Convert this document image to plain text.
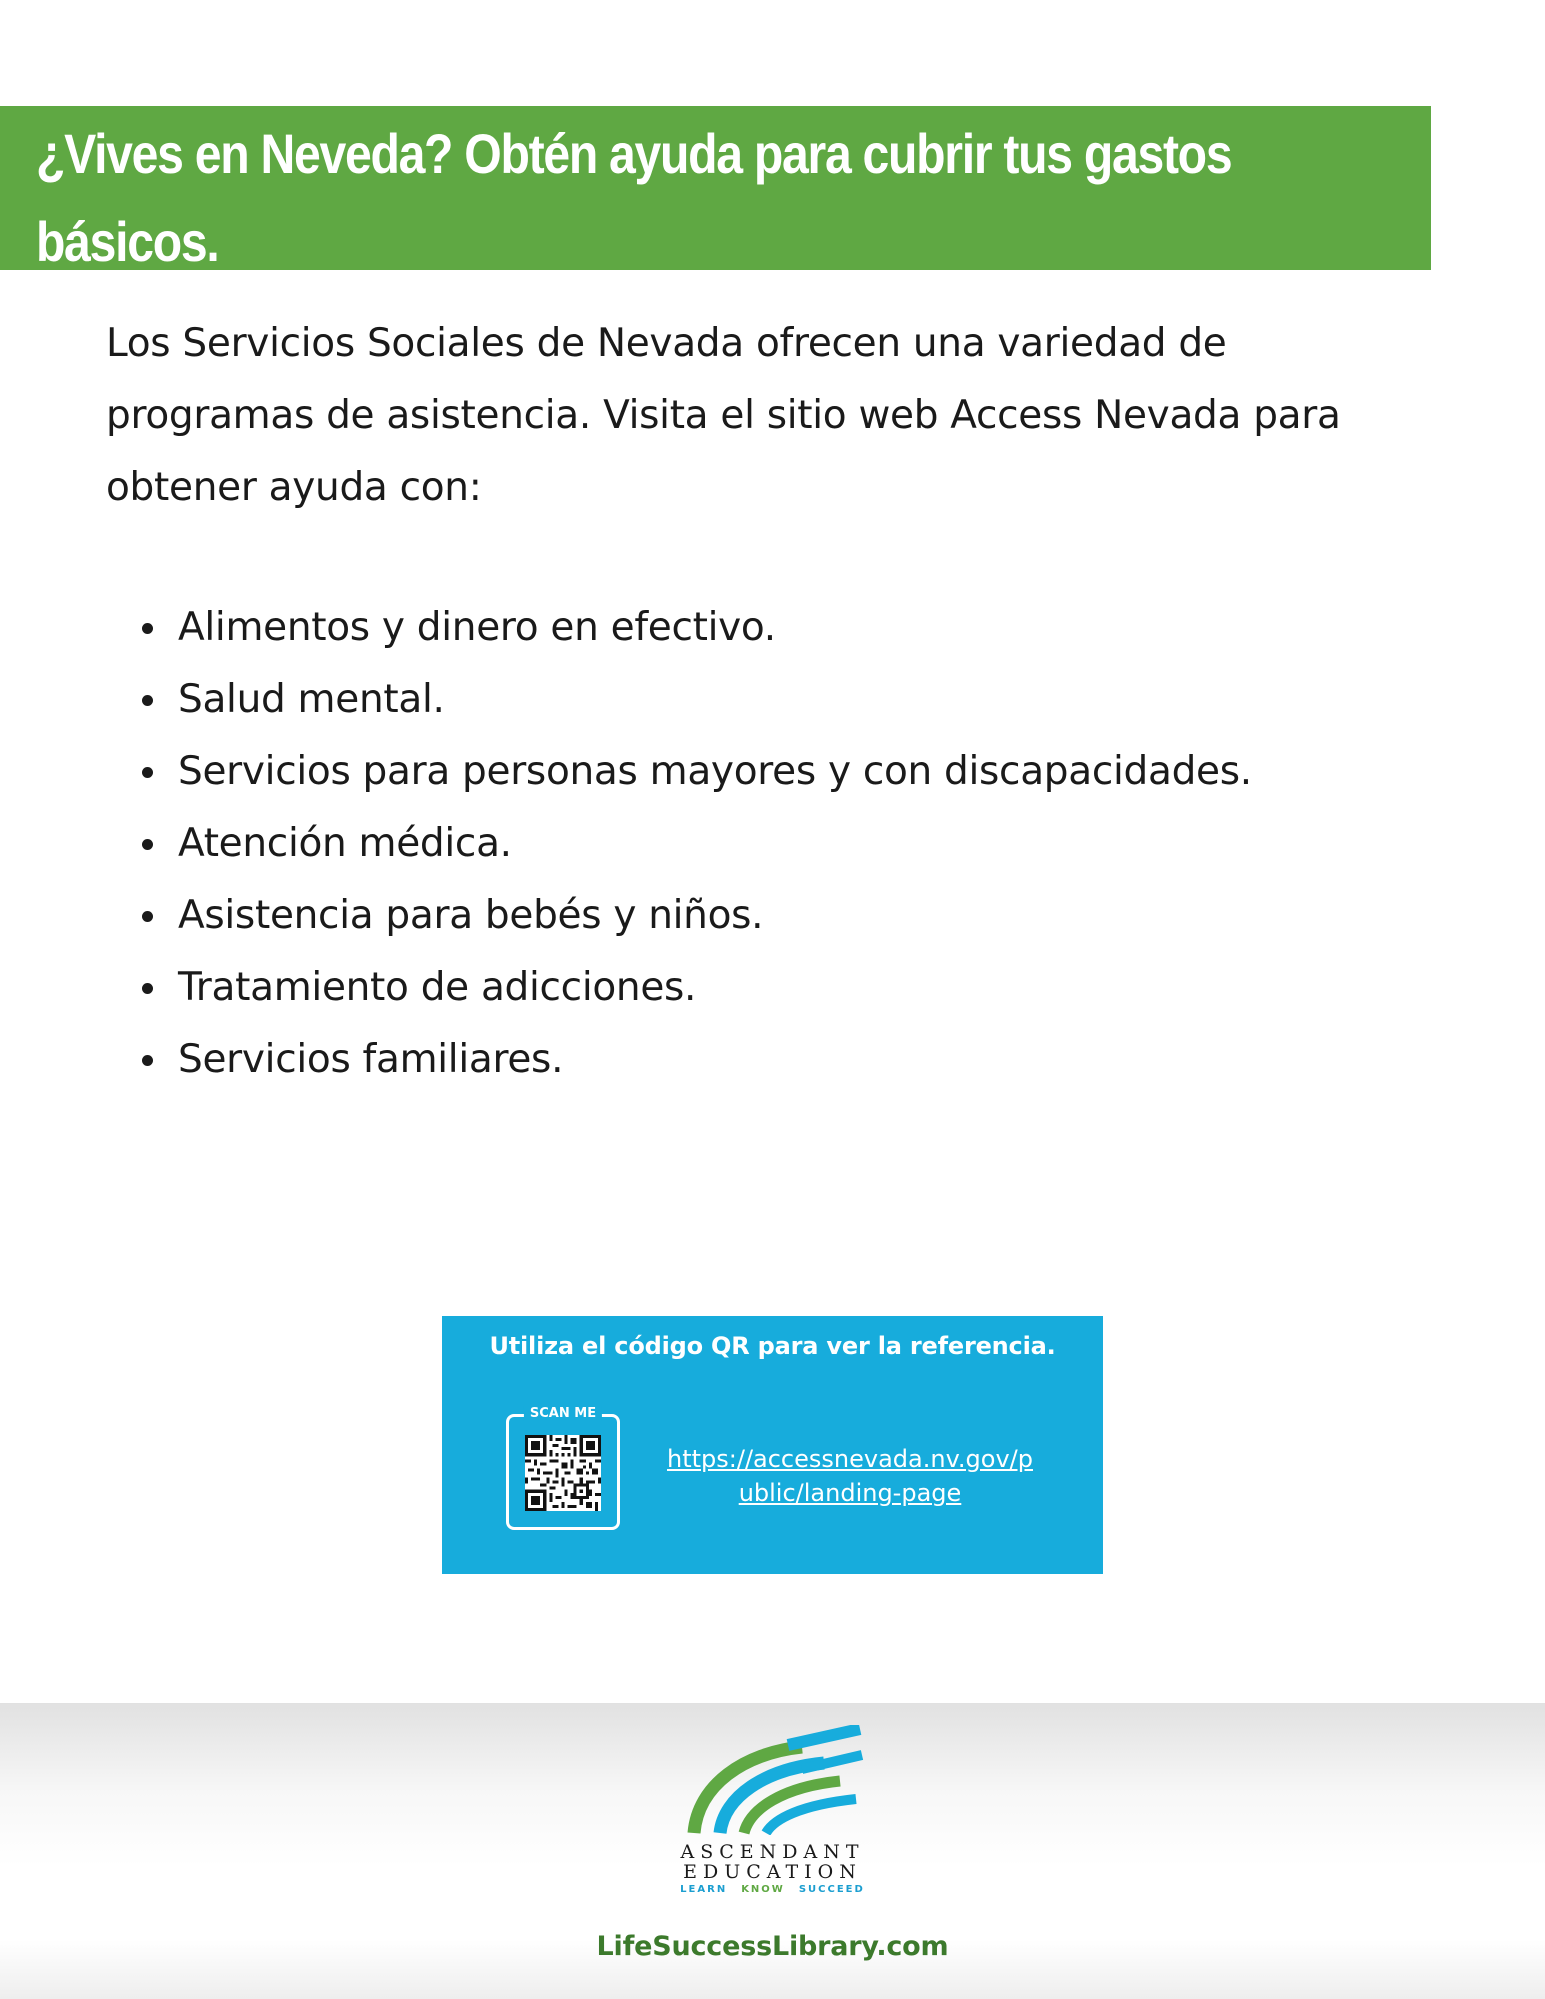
¿Vives en Neveda? Obtén ayuda para cubrir tus gastos
básicos.

Los Servicios Sociales de Nevada ofrecen una variedad de programas de asistencia. Visita el sitio web Access Nevada para obtener ayuda con:

Alimentos y dinero en efectivo.
Salud mental.
Servicios para personas mayores y con discapacidades.
Atención médica.
Asistencia para bebés y niños.
Tratamiento de adicciones.
Servicios familiares.
Utiliza el código QR para ver la referencia.
SCAN ME
https://accessnevada.nv.gov/p
ublic/landing-page
ASCENDANT
EDUCATION
LEARN KNOW SUCCEED
LifeSuccessLibrary.com
